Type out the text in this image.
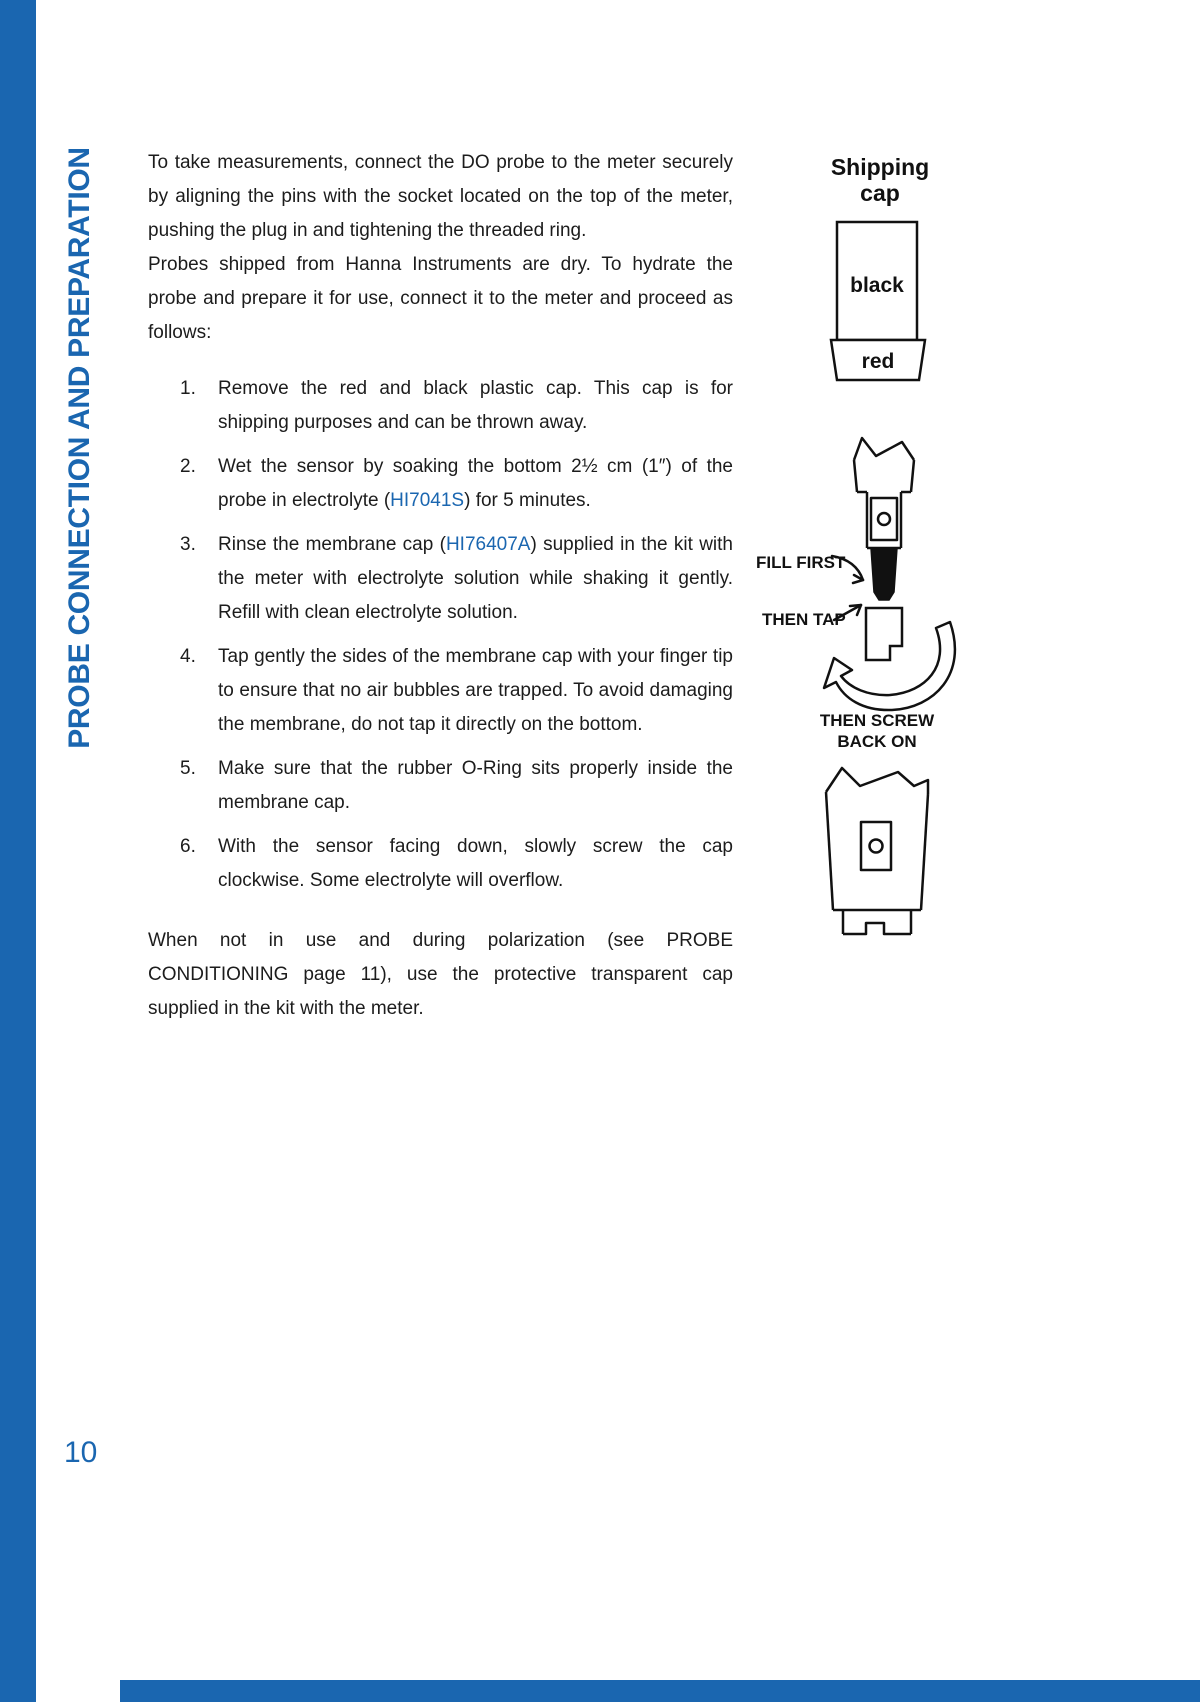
PROBE CONNECTION AND PREPARATION
10

To take measurements, connect the DO probe to the meter securely by aligning the pins with the socket located on the top of the meter, pushing the plug in and tightening the threaded ring.

Probes shipped from Hanna Instruments are dry. To hydrate the probe and prepare it for use, connect it to the meter and proceed as follows:

1.	Remove the red and black plastic cap. This cap is for shipping purposes and can be thrown away.
2.	Wet the sensor by soaking the bottom 2½ cm (1″) of the probe in electrolyte (HI7041S) for 5 minutes.
3.	Rinse the membrane cap (HI76407A) supplied in the kit with the meter with electrolyte solution while shaking it gently. Refill with clean electrolyte solution.
4.	Tap gently the sides of the membrane cap with your finger tip to ensure that no air bubbles are trapped. To avoid damaging the membrane, do not tap it directly on the bottom.
5.	Make sure that the rubber O-Ring sits properly inside the membrane cap.
6.	With the sensor facing down, slowly screw the cap clockwise. Some electrolyte will overflow.

When not in use and during polarization (see PROBE CONDITIONING page 11), use the protective transparent cap supplied in the kit with the meter.

Shipping
cap
black
red
FILL FIRST
THEN TAP
THEN SCREW
BACK ON
